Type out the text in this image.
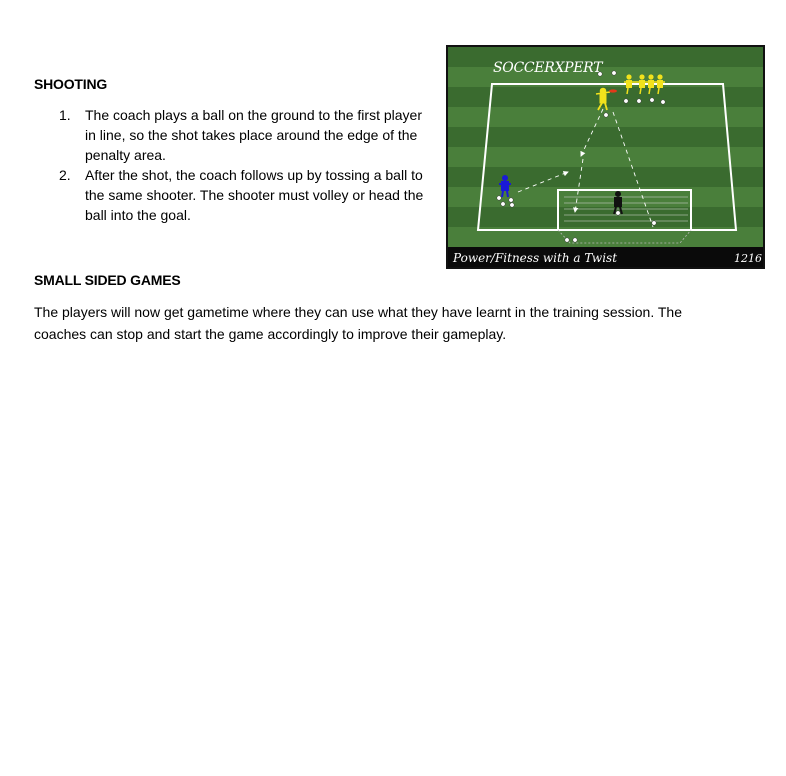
SHOOTING
1. The coach plays a ball on the ground to the first player in line, so the shot takes place around the edge of the penalty area.
2. After the shot, the coach follows up by tossing a ball to the same shooter. The shooter must volley or head the ball into the goal.
SMALL SIDED GAMES
The players will now get gametime where they can use what they have learnt in the training session. The coaches can stop and start the game accordingly to improve their gameplay.
SOCCERXPERT
Power/Fitness with a Twist	1216
